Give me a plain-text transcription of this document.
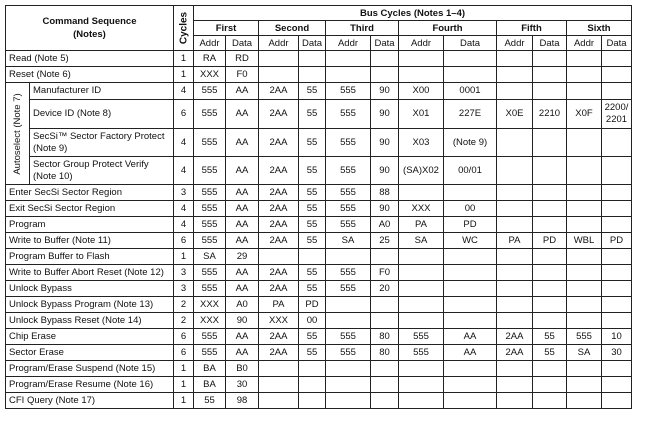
Command Sequence
(Notes)		Cycles	Bus Cycles (Notes 1–4)											
			First		Second		Third		Fourth		Fifth		Sixth	
			Addr	Data	Addr	Data	Addr	Data	Addr	Data	Addr	Data	Addr	Data
Read (Note 5)		1	RA	RD										
Reset (Note 6)		1	XXX	F0										

Autoselect (Note 7)	Manufacturer ID	4	555	AA	2AA	55	555	90	X00	0001				
	Device ID (Note 8)	6	555	AA	2AA	55	555	90	X01	227E	X0E	2210	X0F	2200/ 2201
	SecSi™ Sector Factory Protect (Note 9)	4	555	AA	2AA	55	555	90	X03	(Note 9)				
	Sector Group Protect Verify (Note 10)	4	555	AA	2AA	55	555	90	(SA)X02	00/01				
Enter SecSi Sector Region		3	555	AA	2AA	55	555	88						
Exit SecSi Sector Region		4	555	AA	2AA	55	555	90	XXX	00				
Program		4	555	AA	2AA	55	555	A0	PA	PD				
Write to Buffer (Note 11)		6	555	AA	2AA	55	SA	25	SA	WC	PA	PD	WBL	PD
Program Buffer to Flash		1	SA	29										
Write to Buffer Abort Reset (Note 12)		3	555	AA	2AA	55	555	F0						
Unlock Bypass		3	555	AA	2AA	55	555	20						
Unlock Bypass Program (Note 13)		2	XXX	A0	PA	PD								
Unlock Bypass Reset (Note 14)		2	XXX	90	XXX	00								
Chip Erase		6	555	AA	2AA	55	555	80	555	AA	2AA	55	555	10
Sector Erase		6	555	AA	2AA	55	555	80	555	AA	2AA	55	SA	30
Program/Erase Suspend (Note 15)		1	BA	B0										
Program/Erase Resume (Note 16)		1	BA	30										
CFI Query (Note 17)		1	55	98										
